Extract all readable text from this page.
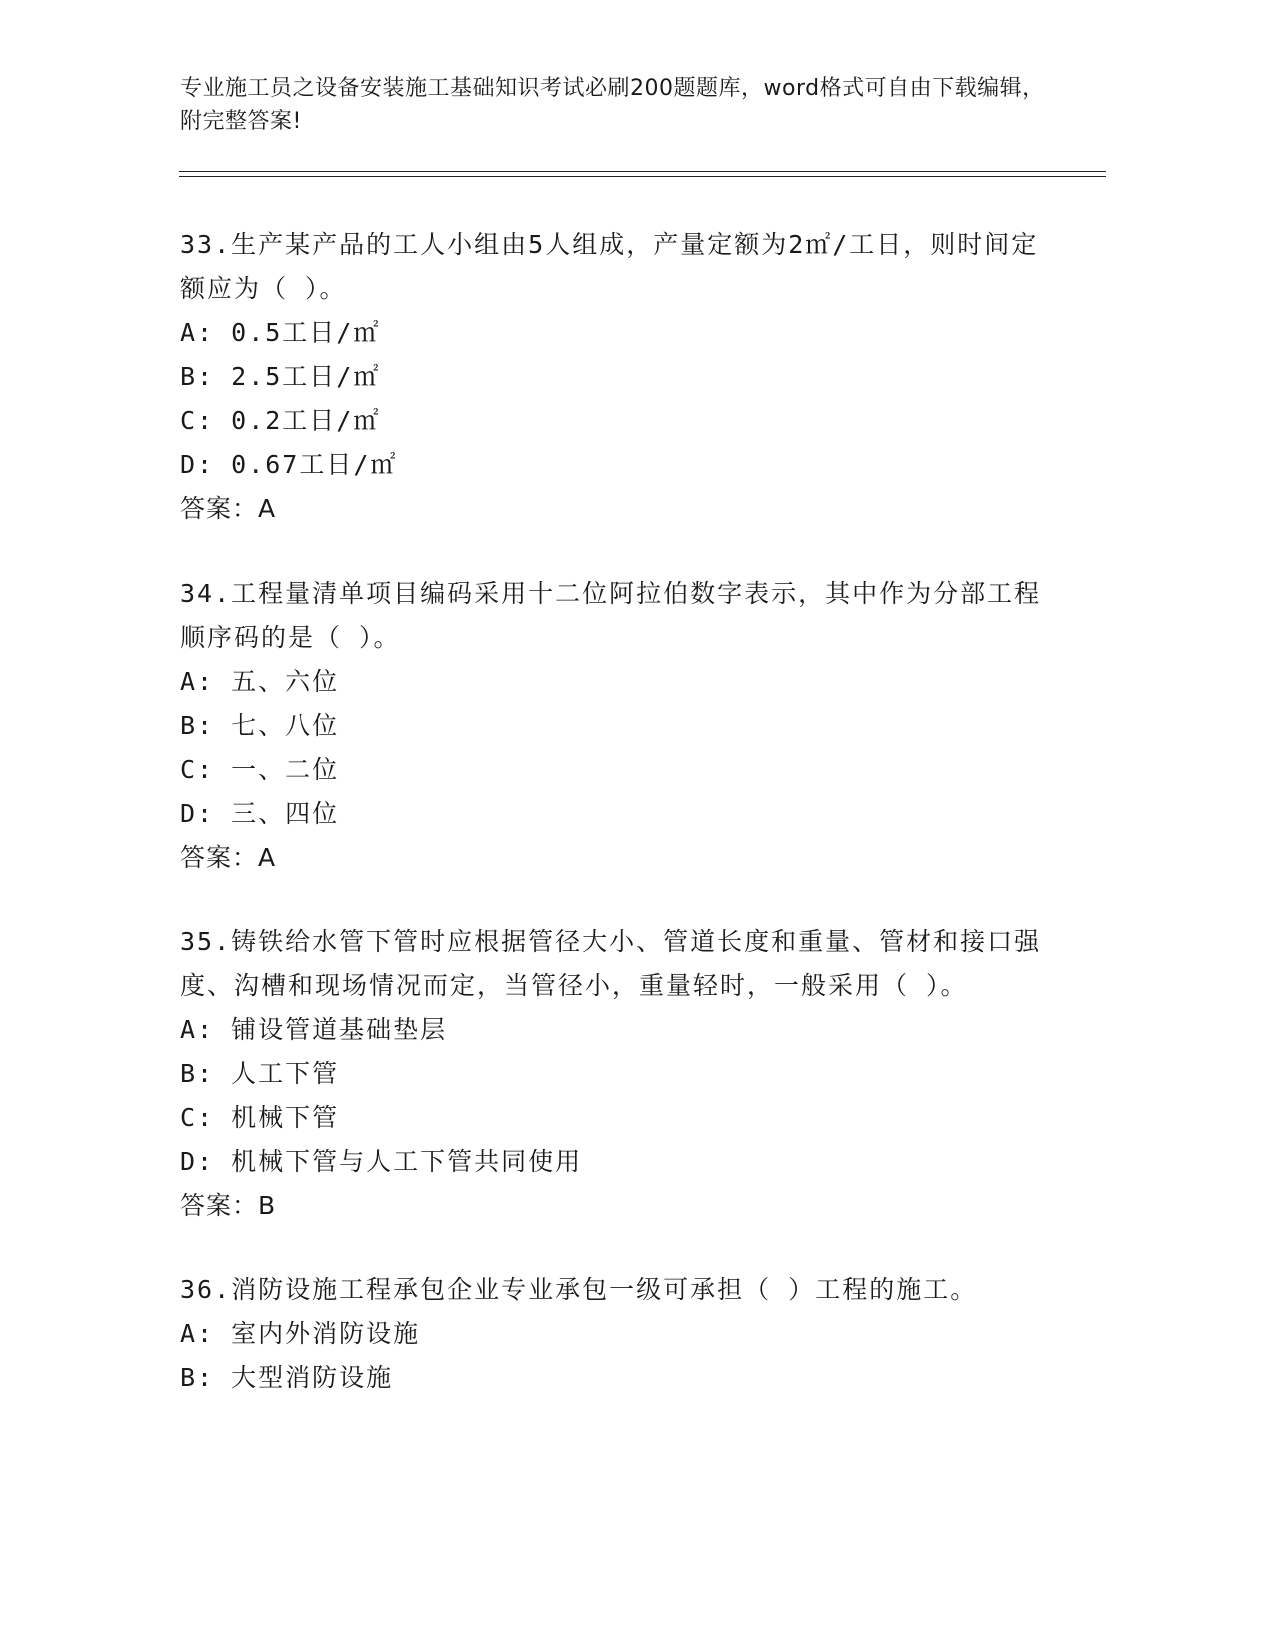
专业施工员之设备安装施工基础知识考试必刷200题题库，word格式可自由下载编辑，附完整答案!

33.生产某产品的工人小组由5人组成，产量定额为2㎡/工日，则时间定额应为（ ）。

A: 0.5工日/㎡

B: 2.5工日/㎡

C: 0.2工日/㎡

D: 0.67工日/㎡

答案：A

34.工程量清单项目编码采用十二位阿拉伯数字表示，其中作为分部工程顺序码的是（ ）。

A: 五、六位

B: 七、八位

C: 一、二位

D: 三、四位

答案：A

35.铸铁给水管下管时应根据管径大小、管道长度和重量、管材和接口强度、沟槽和现场情况而定，当管径小，重量轻时，一般采用（ ）。

A: 铺设管道基础垫层

B: 人工下管

C: 机械下管

D: 机械下管与人工下管共同使用

答案：B

36.消防设施工程承包企业专业承包一级可承担（ ）工程的施工。

A: 室内外消防设施

B: 大型消防设施
